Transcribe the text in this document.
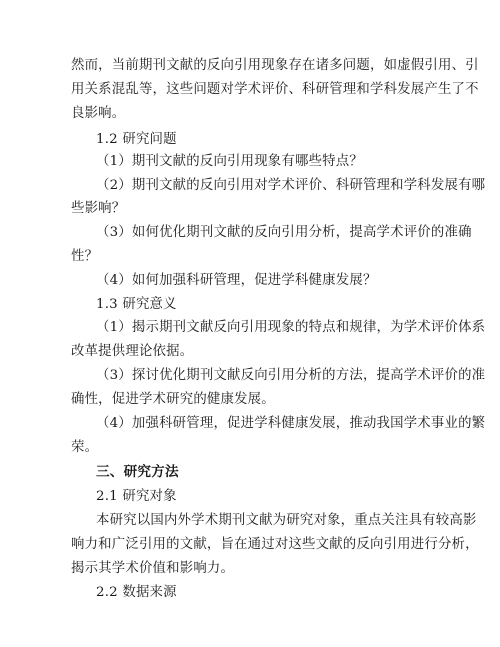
然而，当前期刊文献的反向引用现象存在诸多问题，如虚假引用、引
用关系混乱等，这些问题对学术评价、科研管理和学科发展产生了不
良影响。
1.2 研究问题
（1）期刊文献的反向引用现象有哪些特点？
（2）期刊文献的反向引用对学术评价、科研管理和学科发展有哪
些影响？
（3）如何优化期刊文献的反向引用分析，提高学术评价的准确
性？
（4）如何加强科研管理，促进学科健康发展？
1.3 研究意义
（1）揭示期刊文献反向引用现象的特点和规律，为学术评价体系
改革提供理论依据。
（3）探讨优化期刊文献反向引用分析的方法，提高学术评价的准
确性，促进学术研究的健康发展。
（4）加强科研管理，促进学科健康发展，推动我国学术事业的繁
荣。
三、研究方法
2.1 研究对象
本研究以国内外学术期刊文献为研究对象，重点关注具有较高影
响力和广泛引用的文献，旨在通过对这些文献的反向引用进行分析，
揭示其学术价值和影响力。
2.2 数据来源
